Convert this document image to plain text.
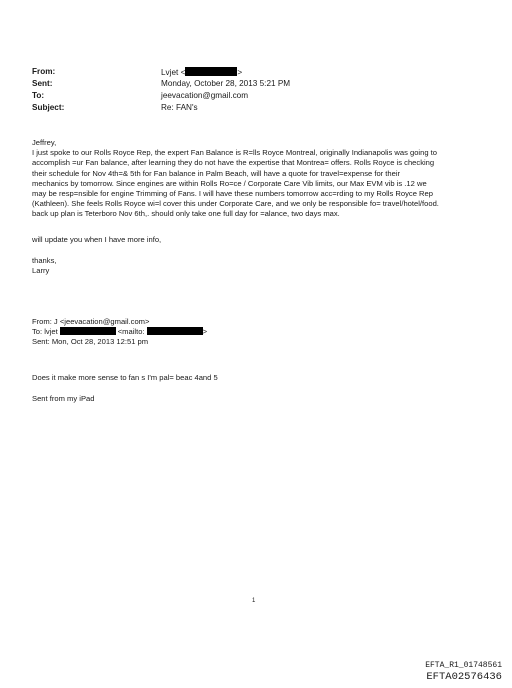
From:	Lvjet <	>
Sent:	Monday, October 28, 2013 5:21 PM
To:	jeevacation@gmail.com
Subject:	Re: FAN's

Jeffrey,

I just spoke to our Rolls Royce Rep, the expert Fan Balance is R=lls Royce Montreal, originally Indianapolis was going to

accomplish =ur Fan balance, after learning they do not have the expertise that Montrea= offers. Rolls Royce is checking

their schedule for Nov 4th=& 5th for Fan balance in Palm Beach, will have a quote for travel=expense for their

mechanics by tomorrow. Since engines are within Rolls Ro=ce / Corporate Care Vib limits, our Max EVM vib is .12 we

may be resp=nsible for engine Trimming of Fans. I will have these numbers tomorrow acc=rding to my Rolls Royce Rep

(Kathleen). She feels Rolls Royce wi=l cover this under Corporate Care, and we only be responsible fo= travel/hotel/food.

back up plan is Teterboro Nov 6th,. should only take one full day for =alance, two days max.

will update you when I have more info,
thanks,
Larry
From: J <jeevacation@gmail.com>
To: lvjet	<mailto:	>
Sent: Mon, Oct 28, 2013 12:51 pm
Does it make more sense to fan s I'm pal= beac 4and 5
Sent from my iPad
1
EFTA_R1_01748561
EFTA02576436
